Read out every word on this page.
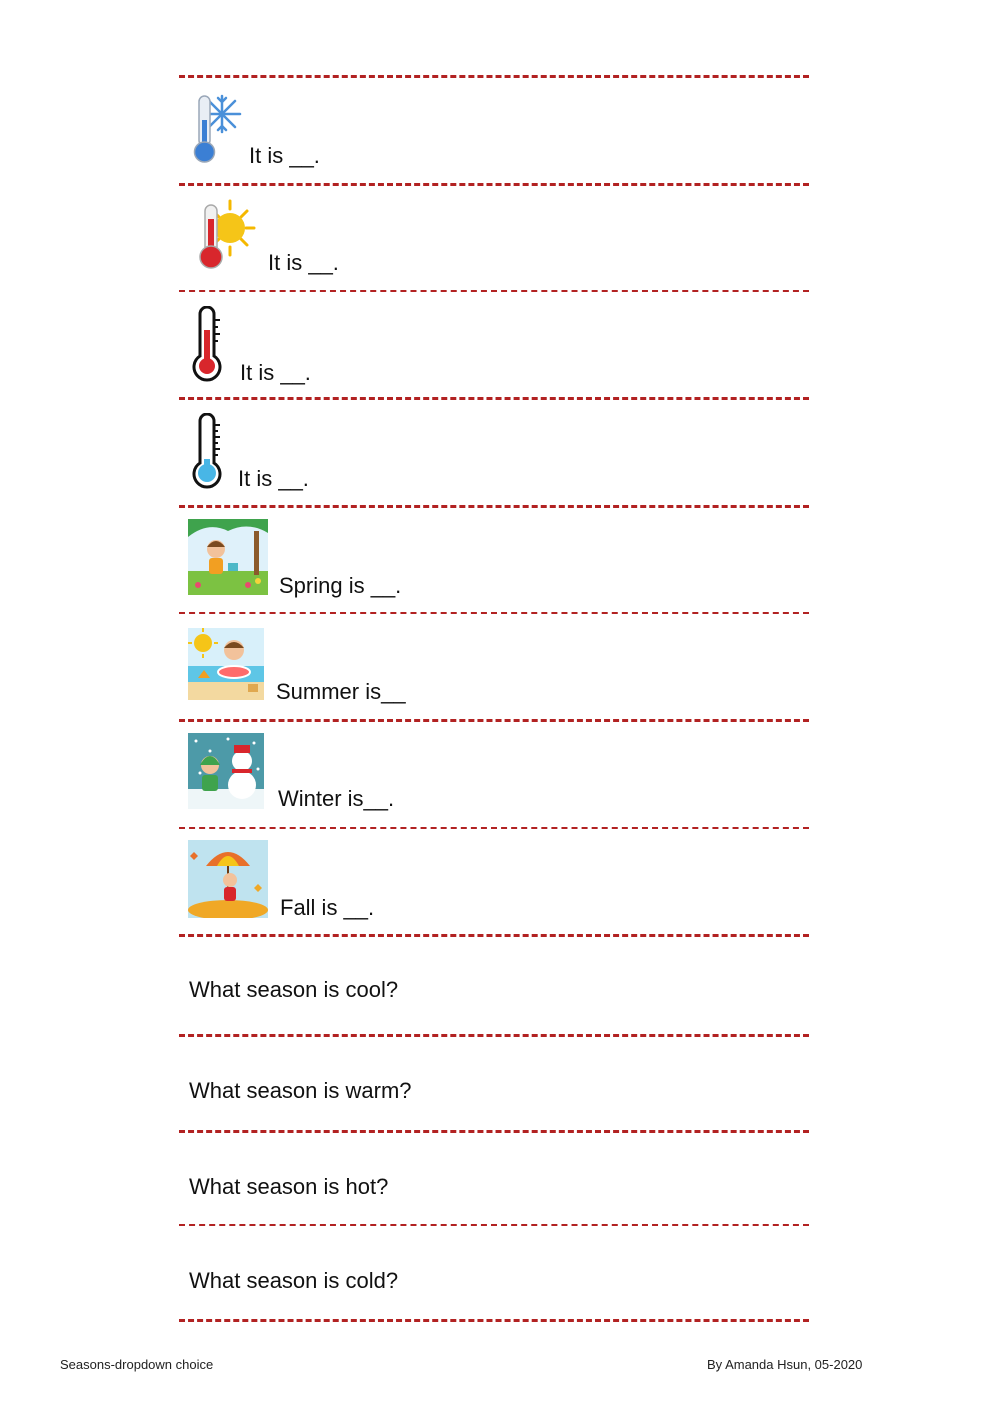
It is __.
It is __.
It is __.
It is __.
Spring is __.
Summer is__
Winter is__.
Fall is __.
What season is cool?
What season is warm?
What season is hot?
What season is cold?
Seasons-dropdown choice	By Amanda Hsun, 05-2020
